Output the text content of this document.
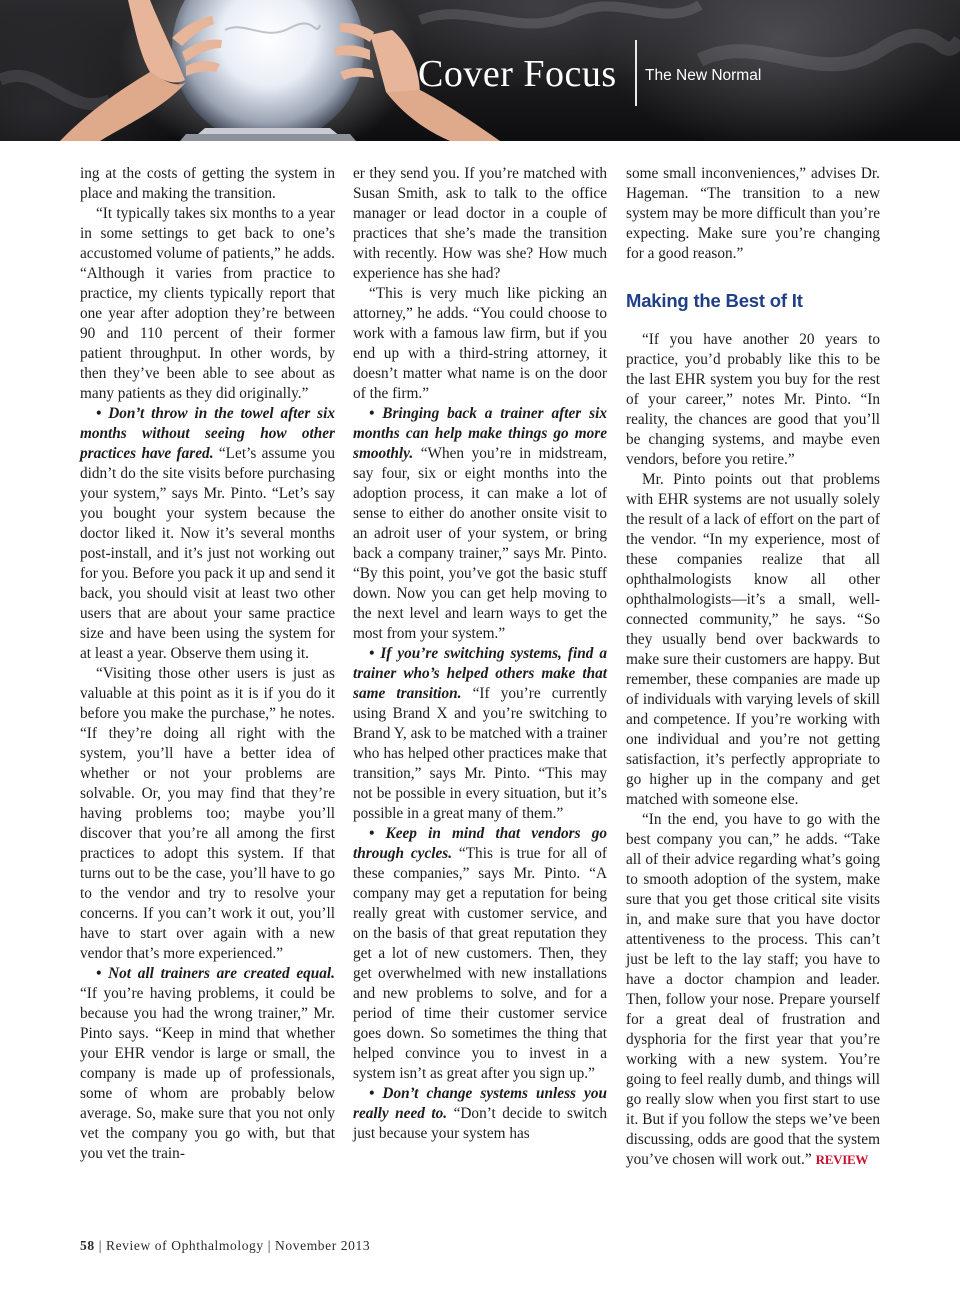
Cover Focus	The New Normal

ing at the costs of getting the system in place and making the transition.

“It typically takes six months to a year in some settings to get back to one’s accustomed volume of patients,” he adds. “Although it varies from practice to practice, my clients typically report that one year after adoption they’re between 90 and 110 percent of their former patient throughput. In other words, by then they’ve been able to see about as many patients as they did originally.”

• Don’t throw in the towel after six months without seeing how other practices have fared. “Let’s assume you didn’t do the site visits before purchasing your system,” says Mr. Pinto. “Let’s say you bought your system because the doctor liked it. Now it’s several months post-install, and it’s just not working out for you. Before you pack it up and send it back, you should visit at least two other users that are about your same practice size and have been using the system for at least a year. Observe them using it.

“Visiting those other users is just as valuable at this point as it is if you do it before you make the purchase,” he notes. “If they’re doing all right with the system, you’ll have a better idea of whether or not your problems are solvable. Or, you may find that they’re having problems too; maybe you’ll discover that you’re all among the first practices to adopt this system. If that turns out to be the case, you’ll have to go to the vendor and try to resolve your concerns. If you can’t work it out, you’ll have to start over again with a new vendor that’s more experienced.”

• Not all trainers are created equal. “If you’re having problems, it could be because you had the wrong trainer,” Mr. Pinto says. “Keep in mind that whether your EHR vendor is large or small, the company is made up of professionals, some of whom are probably below average. So, make sure that you not only vet the company you go with, but that you vet the train-

er they send you. If you’re matched with Susan Smith, ask to talk to the office manager or lead doctor in a couple of practices that she’s made the transition with recently. How was she? How much experience has she had?

“This is very much like picking an attorney,” he adds. “You could choose to work with a famous law firm, but if you end up with a third-string attorney, it doesn’t matter what name is on the door of the firm.”

• Bringing back a trainer after six months can help make things go more smoothly. “When you’re in midstream, say four, six or eight months into the adoption process, it can make a lot of sense to either do another onsite visit to an adroit user of your system, or bring back a company trainer,” says Mr. Pinto. “By this point, you’ve got the basic stuff down. Now you can get help moving to the next level and learn ways to get the most from your system.”

• If you’re switching systems, find a trainer who’s helped others make that same transition. “If you’re currently using Brand X and you’re switching to Brand Y, ask to be matched with a trainer who has helped other practices make that transition,” says Mr. Pinto. “This may not be possible in every situation, but it’s possible in a great many of them.”

• Keep in mind that vendors go through cycles. “This is true for all of these companies,” says Mr. Pinto. “A company may get a reputation for being really great with customer service, and on the basis of that great reputation they get a lot of new customers. Then, they get overwhelmed with new installations and new problems to solve, and for a period of time their customer service goes down. So sometimes the thing that helped convince you to invest in a system isn’t as great after you sign up.”

• Don’t change systems unless you really need to. “Don’t decide to switch just because your system has

some small inconveniences,” advises Dr. Hageman. “The transition to a new system may be more difficult than you’re expecting. Make sure you’re changing for a good reason.”

Making the Best of It

“If you have another 20 years to practice, you’d probably like this to be the last EHR system you buy for the rest of your career,” notes Mr. Pinto. “In reality, the chances are good that you’ll be changing systems, and maybe even vendors, before you retire.”

Mr. Pinto points out that problems with EHR systems are not usually solely the result of a lack of effort on the part of the vendor. “In my experience, most of these companies realize that all ophthalmologists know all other ophthalmologists—it’s a small, well-connected community,” he says. “So they usually bend over backwards to make sure their customers are happy. But remember, these companies are made up of individuals with varying levels of skill and competence. If you’re working with one individual and you’re not getting satisfaction, it’s perfectly appropriate to go higher up in the company and get matched with someone else.

“In the end, you have to go with the best company you can,” he adds. “Take all of their advice regarding what’s going to smooth adoption of the system, make sure that you get those critical site visits in, and make sure that you have doctor attentiveness to the process. This can’t just be left to the lay staff; you have to have a doctor champion and leader. Then, follow your nose. Prepare yourself for a great deal of frustration and dysphoria for the first year that you’re working with a new system. You’re going to feel really dumb, and things will go really slow when you first start to use it. But if you follow the steps we’ve been discussing, odds are good that the system you’ve chosen will work out.” REVIEW

58 | Review of Ophthalmology | November 2013
